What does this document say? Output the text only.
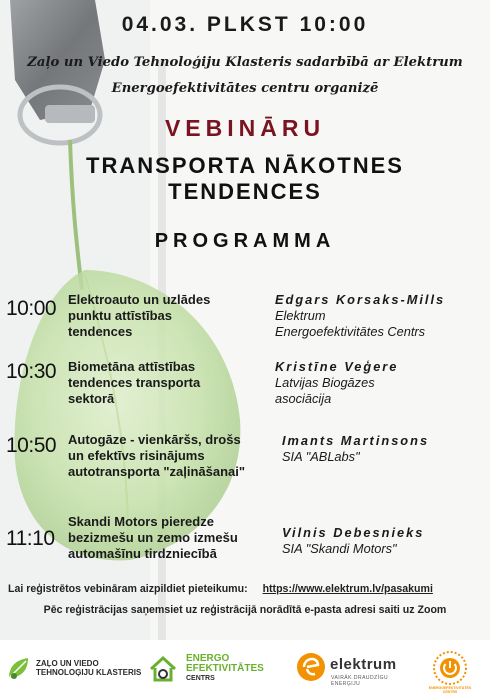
04.03. PLKST 10:00
Zaļo un Viedo Tehnoloģiju Klasteris sadarbībā ar Elektrum
Energoefektivitātes centru organizē
VEBINĀRU
TRANSPORTA NĀKOTNES
TENDENCES
PROGRAMMA
10:00 Elektroauto un uzlādes
punktu attīstības
tendences
Edgars Korsaks-Mills
Elektrum
Energoefektivitātes Centrs
10:30 Biometāna attīstības
tendences transporta
sektorā
Kristīne Veģere
Latvijas Biogāzes
asociācija
10:50 Autogāze - vienkāršs, drošs
un efektīvs risinājums
autotransporta "zaļināšanai"
Imants Martinsons
SIA "ABLabs"
11:10
Skandi Motors pieredze
bezizmešu un zemo izmešu
automašīnu tirdzniecībā
Vilnis Debesnieks
SIA "Skandi Motors"
Lai reģistrētos vebināram aizpildiet pieteikumu: https://www.elektrum.lv/pasakumi
Pēc reģistrācijas saņemsiet uz reģistrācijā norādītā e-pasta adresi saiti uz Zoom
ZAĻO UN VIEDO
TEHNOLOĢIJU KLASTERIS
ENERGO
EFEKTIVITĀTES
CENTRS
elektrum
VAIRĀK DRAUDZĪGU ENERĢIJU
ENERGOEFEKTIVITĀTES CENTRS
